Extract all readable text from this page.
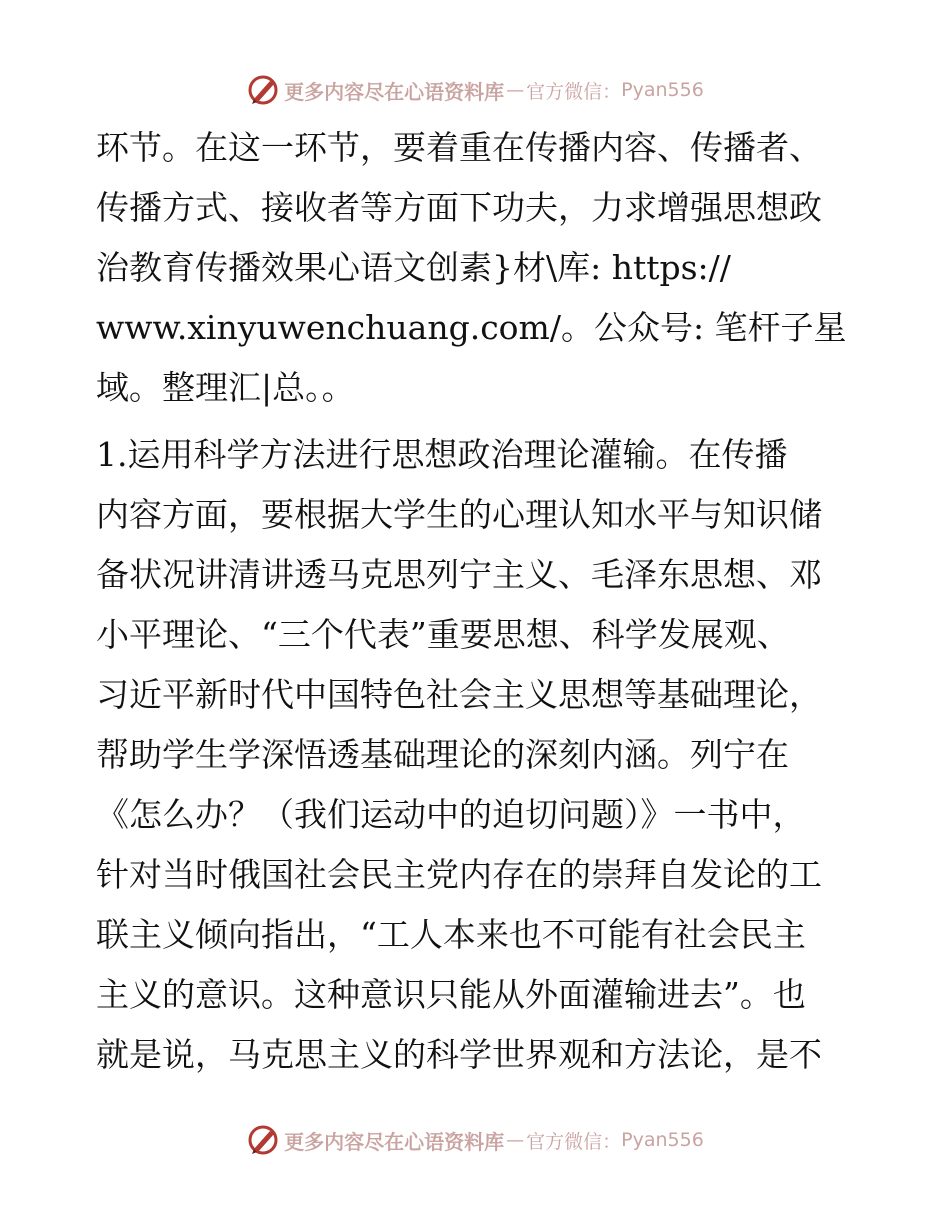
更多内容尽在心语资料库 — 官方微信： Pyan556
环节。在这一环节，要着重在传播内容、传播者、
传播方式、接收者等方面下功夫，力求增强思想政
治教育传播效果心语文创素}材\库: https://
www.xinyuwenchuang.com/。公众号: 笔杆子星
域。整理汇|总。。
1.运用科学方法进行思想政治理论灌输。在传播
内容方面，要根据大学生的心理认知水平与知识储
备状况讲清讲透马克思列宁主义、毛泽东思想、邓
小平理论、“三个代表”重要思想、科学发展观、
习近平新时代中国特色社会主义思想等基础理论，
帮助学生学深悟透基础理论的深刻内涵。列宁在
《怎么办？（我们运动中的迫切问题）》一书中，
针对当时俄国社会民主党内存在的崇拜自发论的工
联主义倾向指出，“工人本来也不可能有社会民主
主义的意识。这种意识只能从外面灌输进去”。也
就是说，马克思主义的科学世界观和方法论，是不
更多内容尽在心语资料库 — 官方微信： Pyan556
